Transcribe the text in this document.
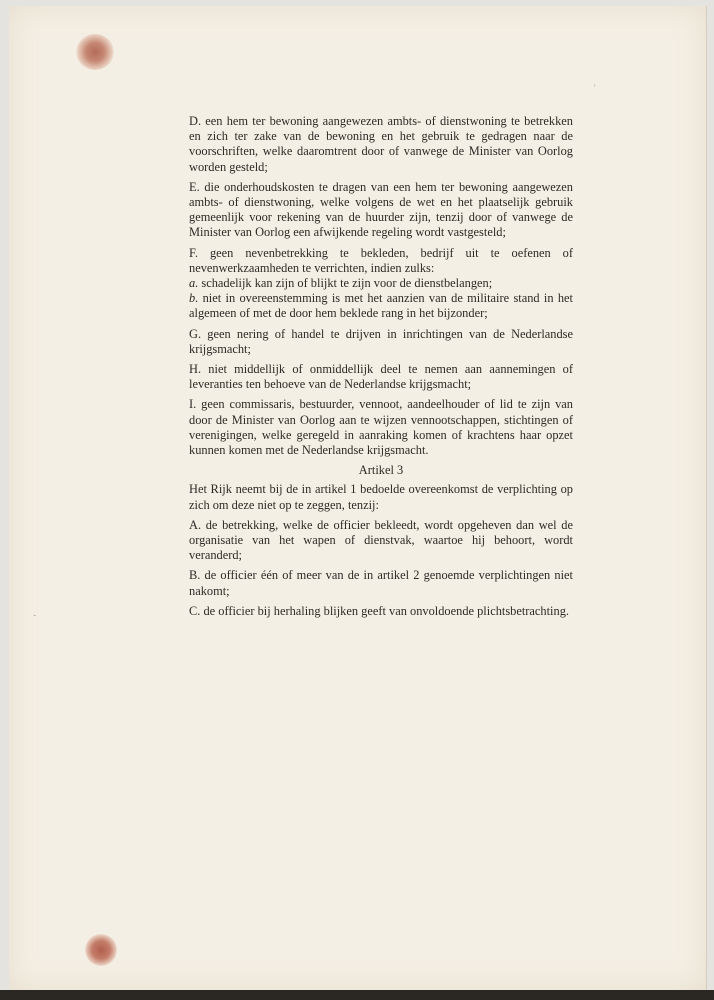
˯
ʾ

D. een hem ter bewoning aangewezen ambts- of dienstwoning te betrekken en zich ter zake van de bewoning en het gebruik te gedragen naar de voorschriften, welke daaromtrent door of vanwege de Minister van Oorlog worden gesteld;

E. die onderhoudskosten te dragen van een hem ter bewoning aangewezen ambts- of dienstwoning, welke volgens de wet en het plaatselijk gebruik gemeenlijk voor rekening van de huurder zijn, tenzij door of vanwege de Minister van Oorlog een afwijkende regeling wordt vastgesteld;

F. geen nevenbetrekking te bekleden, bedrijf uit te oefenen of nevenwerkzaamheden te verrichten, indien zulks:

a. schadelijk kan zijn of blijkt te zijn voor de dienstbelangen;

b. niet in overeenstemming is met het aanzien van de militaire stand in het algemeen of met de door hem beklede rang in het bijzonder;

G. geen nering of handel te drijven in inrichtingen van de Nederlandse krijgsmacht;

H. niet middellijk of onmiddellijk deel te nemen aan aannemingen of leveranties ten behoeve van de Nederlandse krijgsmacht;

I. geen commissaris, bestuurder, vennoot, aandeelhouder of lid te zijn van door de Minister van Oorlog aan te wijzen vennootschappen, stichtingen of verenigingen, welke geregeld in aanraking komen of krachtens haar opzet kunnen komen met de Nederlandse krijgsmacht.

Artikel 3

Het Rijk neemt bij de in artikel 1 bedoelde overeenkomst de verplichting op zich om deze niet op te zeggen, tenzij:

A. de betrekking, welke de officier bekleedt, wordt opgeheven dan wel de organisatie van het wapen of dienstvak, waartoe hij behoort, wordt veranderd;

B. de officier één of meer van de in artikel 2 genoemde verplichtingen niet nakomt;

C. de officier bij herhaling blijken geeft van onvoldoende plichtsbetrachting.
